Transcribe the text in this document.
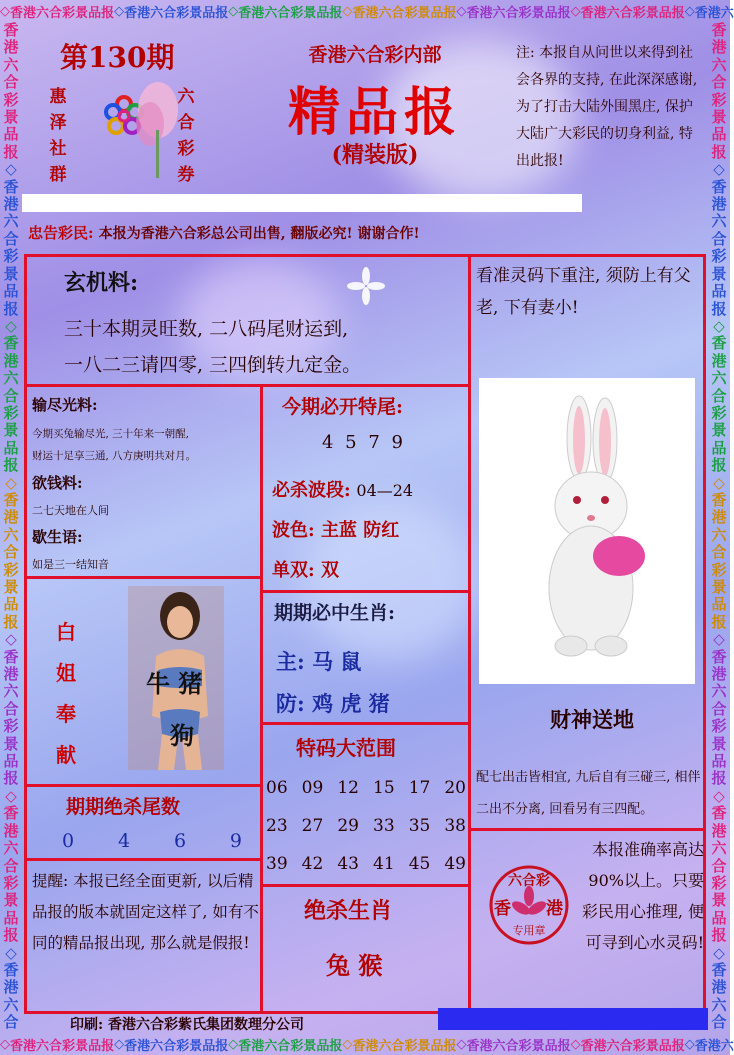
◇ 香 港 六 合 彩 景 品 报 ◇ 香 港 六 合 彩 景 品 报 ◇ 香 港 六 合 彩 景 品 报 ◇ 香 港 六 合 彩 景 品 报 ◇ 香 港 六 合 彩 景 品 报 ◇ 香 港 六 合 彩 景 品 报 ◇ 香 港 六
◇ 香 港 六 合 彩 景 品 报 ◇ 香 港 六 合 彩 景 品 报 ◇ 香 港 六 合 彩 景 品 报 ◇ 香 港 六 合 彩 景 品 报 ◇ 香 港 六 合 彩 景 品 报 ◇ 香 港 六 合 彩 景 品 报 ◇ 香 港 六
香
港
六
合
彩
景
品
报
◇
香
港
六
合
彩
景
品
报
◇
香
港
六
合
彩
景
品
报
◇
香
港
六
合
彩
景
品
报
◇
香
港
六
合
彩
景
品
报
◇
香
港
六
合
彩
景
品
报
◇
香
港
六
合
香
港
六
合
彩
景
品
报
◇
香
港
六
合
彩
景
品
报
◇
香
港
六
合
彩
景
品
报
◇
香
港
六
合
彩
景
品
报
◇
香
港
六
合
彩
景
品
报
◇
香
港
六
合
彩
景
品
报
◇
香
港
六
合
第130期
惠
泽
社
群
六
合
彩
券
香港六合彩内部
精品报
(精装版)
注: 本报自从问世以来得到社会各界的支持, 在此深深感谢, 为了打击大陆外围黑庄, 保护大陆广大彩民的切身利益, 特出此报!
忠告彩民: 本报为香港六合彩总公司出售, 翻版必究! 谢谢合作!
玄机料:
三十本期灵旺数, 二八码尾财运到,
一八二三请四零, 三四倒转九定金。
看准灵码下重注, 须防上有父老, 下有妻小!
输尽光料:
今期买兔输尽光, 三十年来一朝醒,
财运十足享三通, 八方庚明共对月。
欲钱料:
二七天地在人间
歇生语:
如是三一结知音
今期必开特尾:
4 5 7 9
必杀波段: 04—24
波色: 主蓝 防红
单双: 双
期期必中生肖:
主: 马 鼠
防: 鸡 虎 猪
白
姐
奉
献
牛 猪
狗
财神送地
配七出击皆相宜, 九后自有三碰三, 相伴二出不分离, 回看另有三四配。
特码大范围
06 09 12 15 17 20
23 27 29 33 35 38
39 42 43 41 45 49
期期绝杀尾数
0 4 6 9
提醒: 本报已经全面更新, 以后精品报的版本就固定这样了, 如有不同的精品报出现, 那么就是假报!
绝杀生肖
兔 猴
本报准确率高达90%以上。只要彩民用心推理, 便可寻到心水灵码!
六合彩
香 港
专用章
印刷: 香港六合彩紫氏集团数理分公司
